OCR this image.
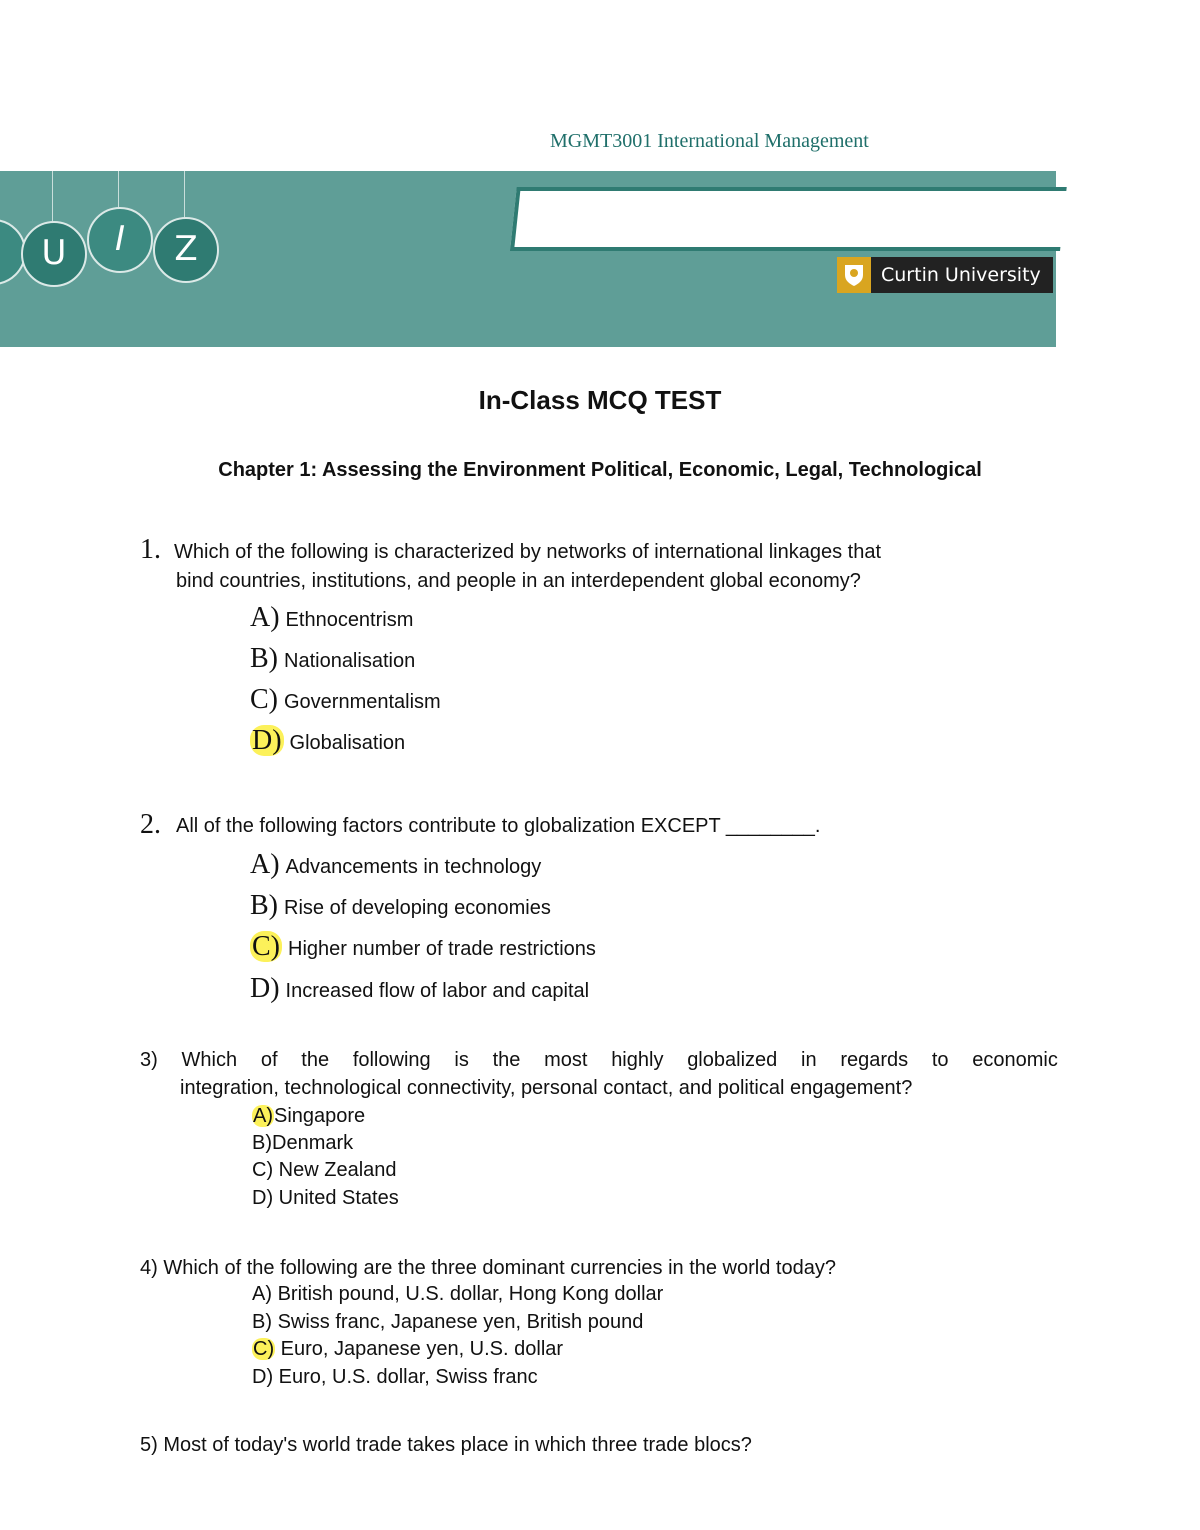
MGMT3001 International Management
U	I	Z
Curtin University
In-Class MCQ TEST
Chapter 1: Assessing the Environment Political, Economic, Legal, Technological
1. Which of the following is characterized by networks of international linkages that
bind countries, institutions, and people in an interdependent global economy?
A) Ethnocentrism
B) Nationalisation
C) Governmentalism
D) Globalisation
2. All of the following factors contribute to globalization EXCEPT ________.
A) Advancements in technology
B) Rise of developing economies
C) Higher number of trade restrictions
D) Increased flow of labor and capital
3) Which of the following is the most highly globalized in regards to economic
integration, technological connectivity, personal contact, and political engagement?
A)Singapore
B)Denmark
C) New Zealand
D) United States
4) Which of the following are the three dominant currencies in the world today?
A) British pound, U.S. dollar, Hong Kong dollar
B) Swiss franc, Japanese yen, British pound
C) Euro, Japanese yen, U.S. dollar
D) Euro, U.S. dollar, Swiss franc
5) Most of today's world trade takes place in which three trade blocs?
